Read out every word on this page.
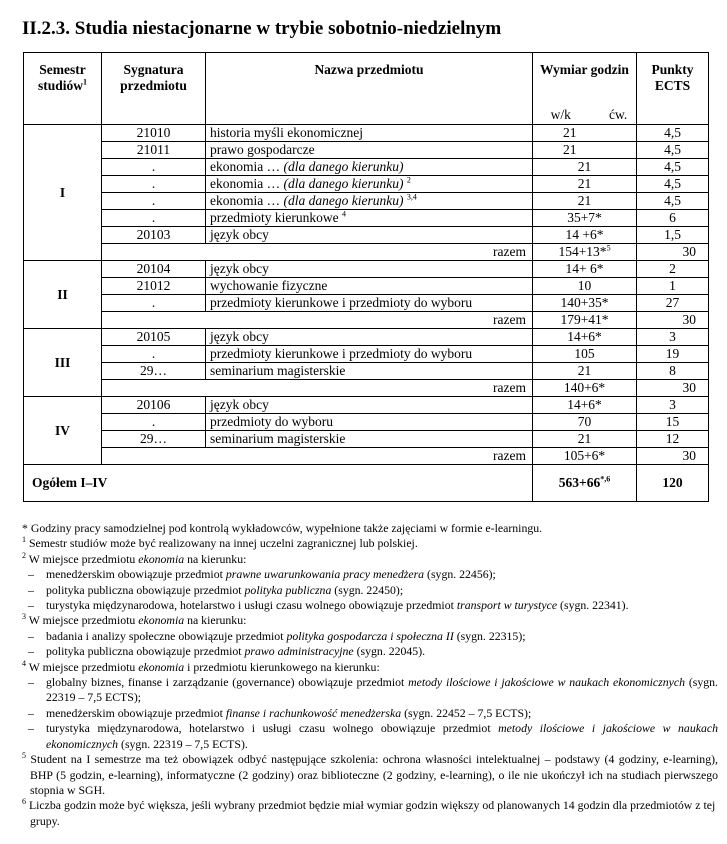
II.2.3. Studia niestacjonarne w trybie sobotnio-niedzielnym
Semestr studiów$^1$	Sygnatura przedmiotu	Nazwa przedmiotu	Wymiar godzin	Punkty ECTS
			w/k ćw.	
I	21010	historia myśli ekonomicznej	21	4,5
	21011	prawo gospodarcze	21	4,5
	.	ekonomia … (dla danego kierunku)	21	4,5
	.	ekonomia … (dla danego kierunku) $^2$	21	4,5
	.	ekonomia … (dla danego kierunku) $^{3,4}$	21	4,5
	.	przedmioty kierunkowe $^4$	35+7*	6
	20103	język obcy	14 +6*	1,5
	razem		154+13*$^5$	30
II	20104	język obcy	14+ 6*	2
	21012	wychowanie fizyczne	10	1
	.	przedmioty kierunkowe i przedmioty do wyboru	140+35*	27
	razem		179+41*	30
III	20105	język obcy	14+6*	3
	.	przedmioty kierunkowe i przedmioty do wyboru	105	19
	29…	seminarium magisterskie	21	8
	razem		140+6*	30
IV	20106	język obcy	14+6*	3
	.	przedmioty do wyboru	70	15
	29…	seminarium magisterskie	21	12
	razem		105+6*	30
Ogółem I–IV			$563+66^{*,6}$	120

* Godziny pracy samodzielnej pod kontrolą wykładowców, wypełnione także zajęciami w formie e-learningu.

$^1$ Semestr studiów może być realizowany na innej uczelni zagranicznej lub polskiej.

$^2$ W miejsce przedmiotu ekonomia na kierunku:

–	menedżerskim obowiązuje przedmiot prawne uwarunkowania pracy menedżera (sygn. 22456);
–	polityka publiczna obowiązuje przedmiot polityka publiczna (sygn. 22450);
–	turystyka międzynarodowa, hotelarstwo i usługi czasu wolnego obowiązuje przedmiot transport w turystyce (sygn. 22341).

$^3$ W miejsce przedmiotu ekonomia na kierunku:

–	badania i analizy społeczne obowiązuje przedmiot polityka gospodarcza i społeczna II (sygn. 22315);
–	polityka publiczna obowiązuje przedmiot prawo administracyjne (sygn. 22045).

$^4$ W miejsce przedmiotu ekonomia i przedmiotu kierunkowego na kierunku:

–	globalny biznes, finanse i zarządzanie (governance) obowiązuje przedmiot metody ilościowe i jakościowe w naukach ekonomicznych (sygn. 22319 – 7,5 ECTS);
–	menedżerskim obowiązuje przedmiot finanse i rachunkowość menedżerska (sygn. 22452 – 7,5 ECTS);
–	turystyka międzynarodowa, hotelarstwo i usługi czasu wolnego obowiązuje przedmiot metody ilościowe i jakościowe w naukach ekonomicznych (sygn. 22319 – 7,5 ECTS).

$^5$ Student na I semestrze ma też obowiązek odbyć następujące szkolenia: ochrona własności intelektualnej – podstawy (4 godziny, e-learning), BHP (5 godzin, e-learning), informatyczne (2 godziny) oraz biblioteczne (2 godziny, e-learning), o ile nie ukończył ich na studiach pierwszego stopnia w SGH.

$^6$ Liczba godzin może być większa, jeśli wybrany przedmiot będzie miał wymiar godzin większy od planowanych 14 godzin dla przedmiotów z tej grupy.
